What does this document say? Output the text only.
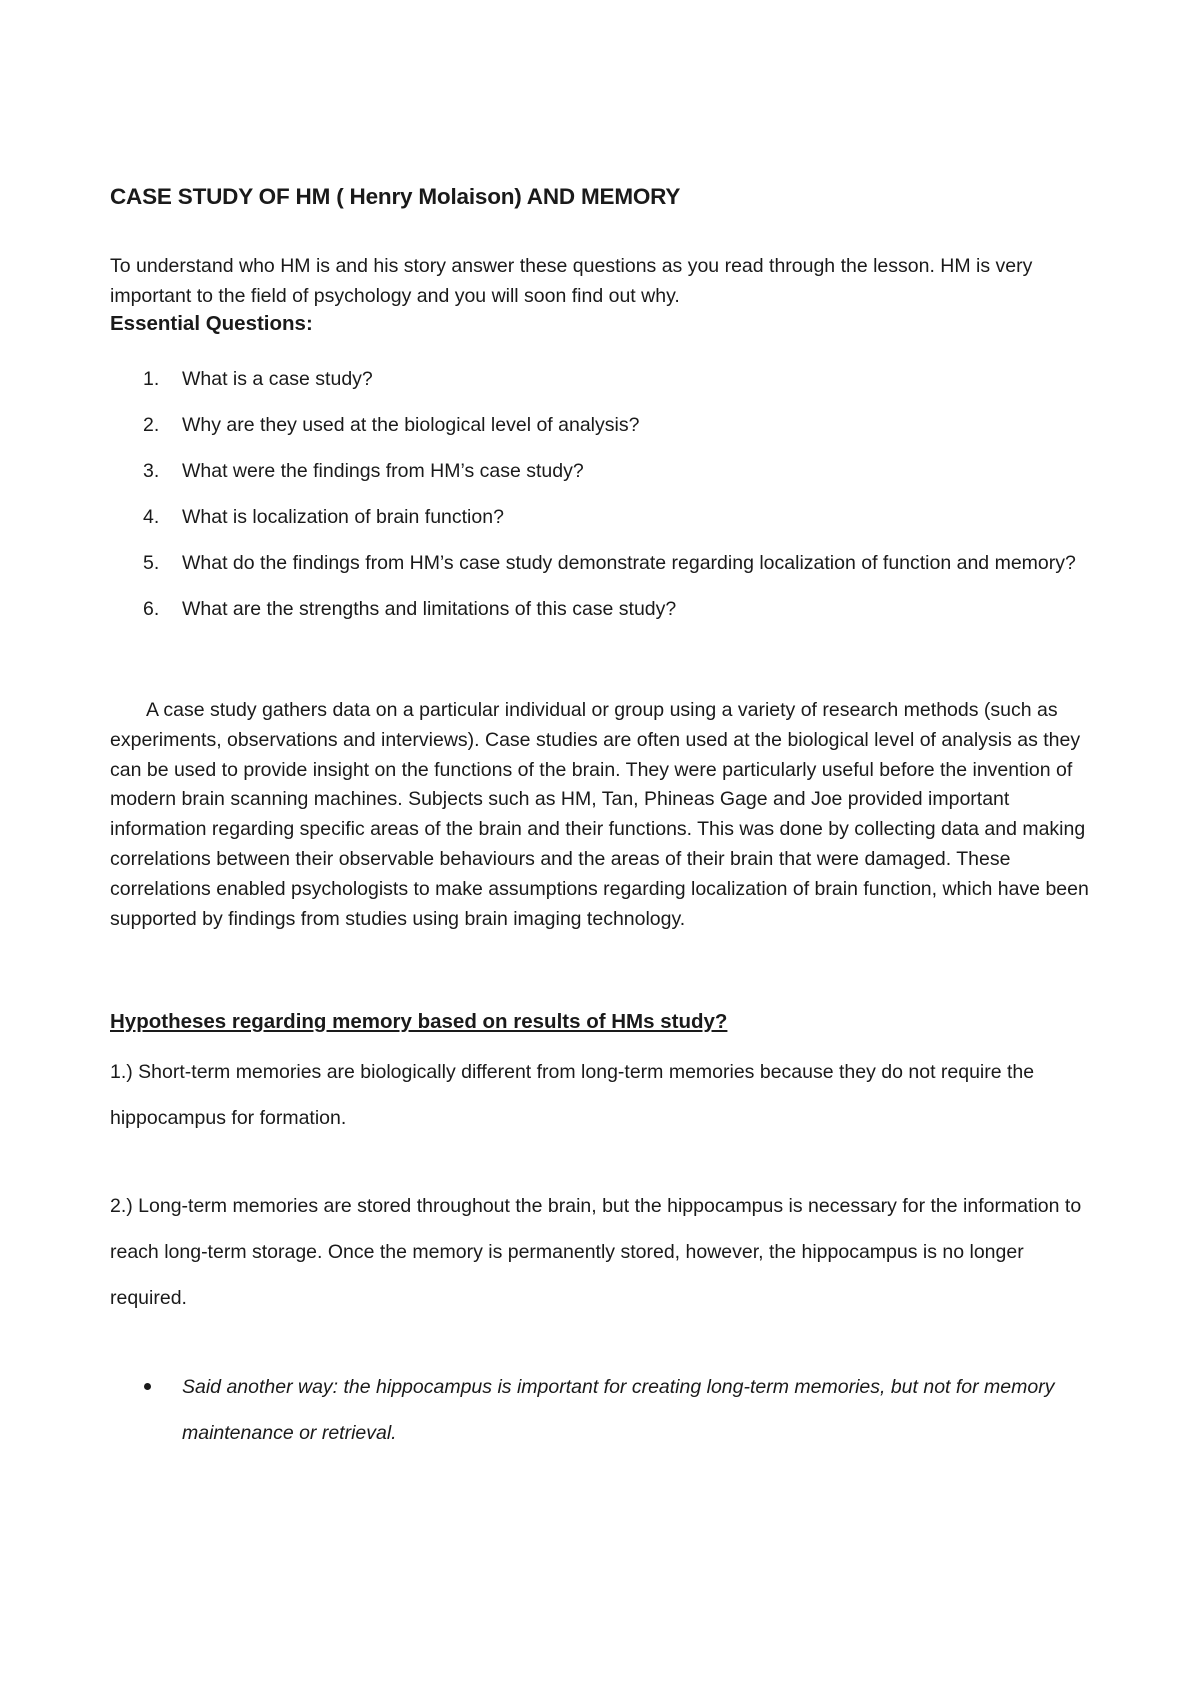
CASE STUDY OF HM ( Henry Molaison) AND MEMORY
To understand who HM is and his story answer these questions as you read through the lesson. HM is very important to the field of psychology and you will soon find out why.
Essential Questions:
1. What is a case study?
2. Why are they used at the biological level of analysis?
3. What were the findings from HM’s case study?
4. What is localization of brain function?
5. What do the findings from HM’s case study demonstrate regarding localization of function and memory?
6. What are the strengths and limitations of this case study?
A case study gathers data on a particular individual or group using a variety of research methods (such as experiments, observations and interviews). Case studies are often used at the biological level of analysis as they can be used to provide insight on the functions of the brain. They were particularly useful before the invention of modern brain scanning machines. Subjects such as HM, Tan, Phineas Gage and Joe provided important information regarding specific areas of the brain and their functions. This was done by collecting data and making correlations between their observable behaviours and the areas of their brain that were damaged. These correlations enabled psychologists to make assumptions regarding localization of brain function, which have been supported by findings from studies using brain imaging technology.
Hypotheses regarding memory based on results of HMs study?
1.) Short-term memories are biologically different from long-term memories because they do not require the hippocampus for formation.
2.) Long-term memories are stored throughout the brain, but the hippocampus is necessary for the information to reach long-term storage. Once the memory is permanently stored, however, the hippocampus is no longer required.
Said another way: the hippocampus is important for creating long-term memories, but not for memory maintenance or retrieval.
